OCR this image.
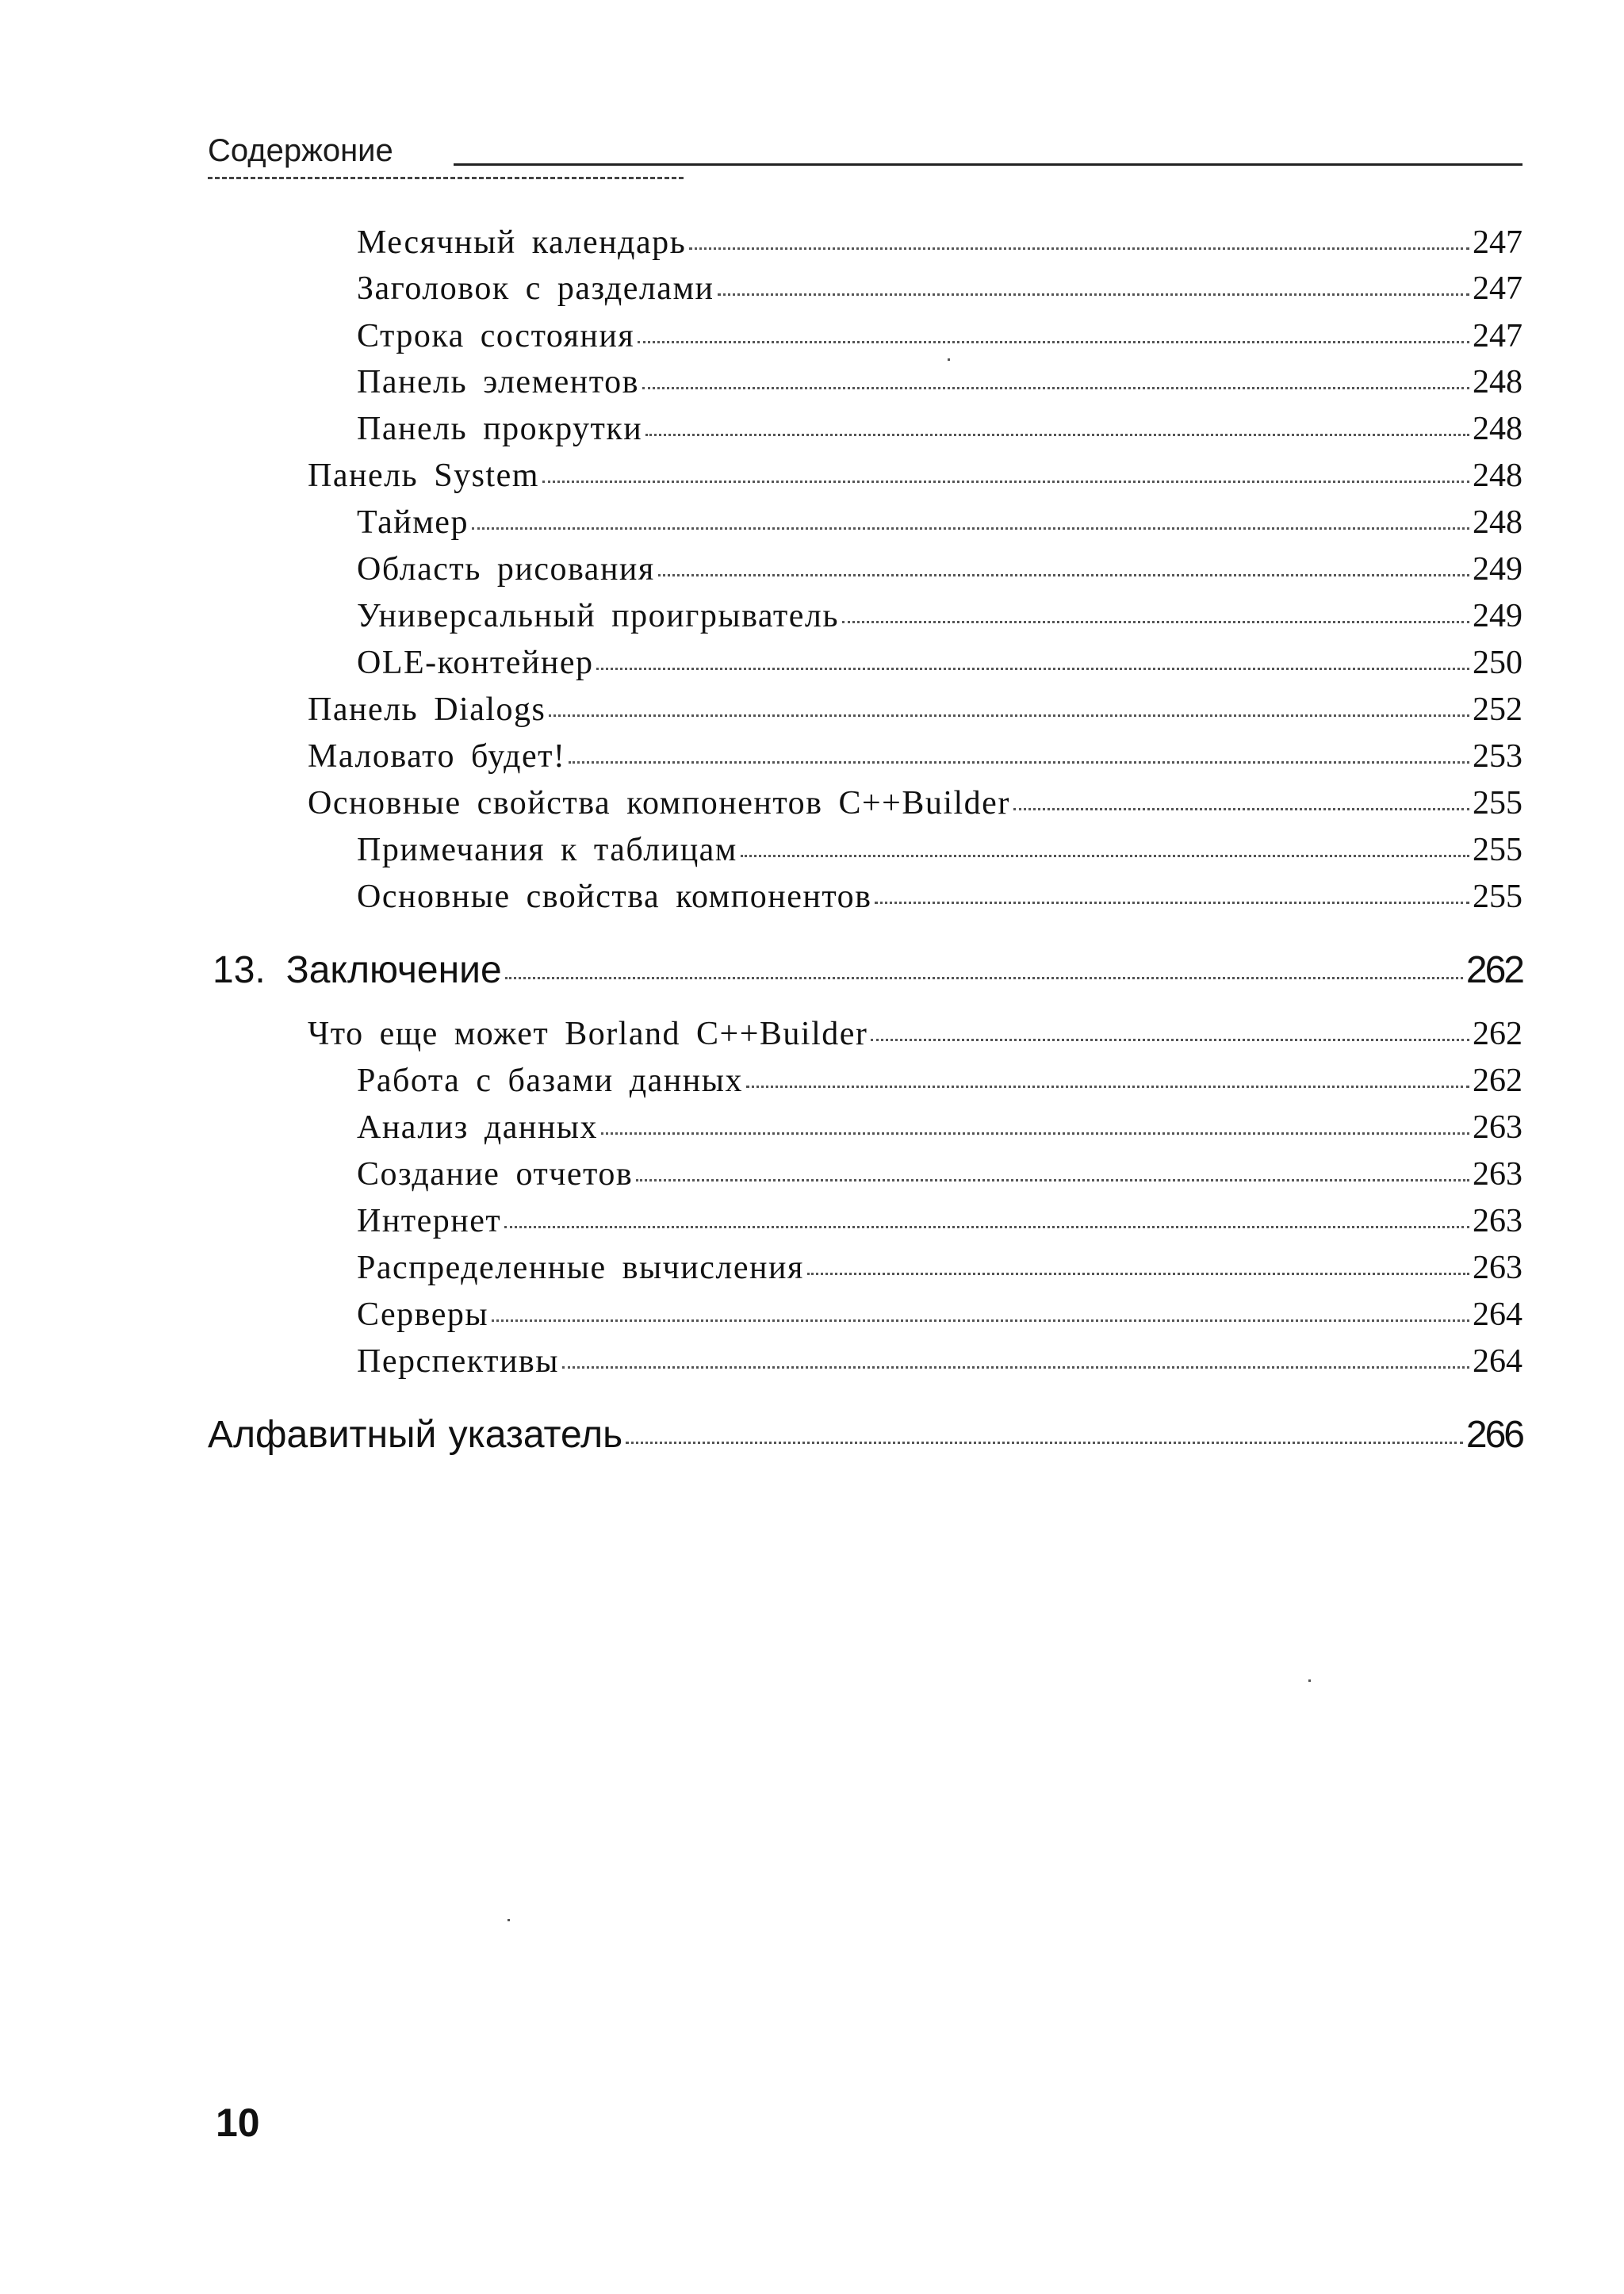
Содержоние
Месячный календарь	247
Заголовок с разделами	247
Строка состояния	247
Панель элементов	248
Панель прокрутки	248
Панель System	248
Таймер	248
Область рисования	249
Универсальный проигрыватель	249
OLE-контейнер	250
Панель Dialogs	252
Маловато будет!	253
Основные свойства компонентов C++Builder	255
Примечания к таблицам	255
Основные свойства компонентов	255
13. Заключение	262
Что еще может Borland C++Builder	262
Работа с базами данных	262
Анализ данных	263
Создание отчетов	263
Интернет	263
Распределенные вычисления	263
Серверы	264
Перспективы	264
Алфавитный указатель	266
10
